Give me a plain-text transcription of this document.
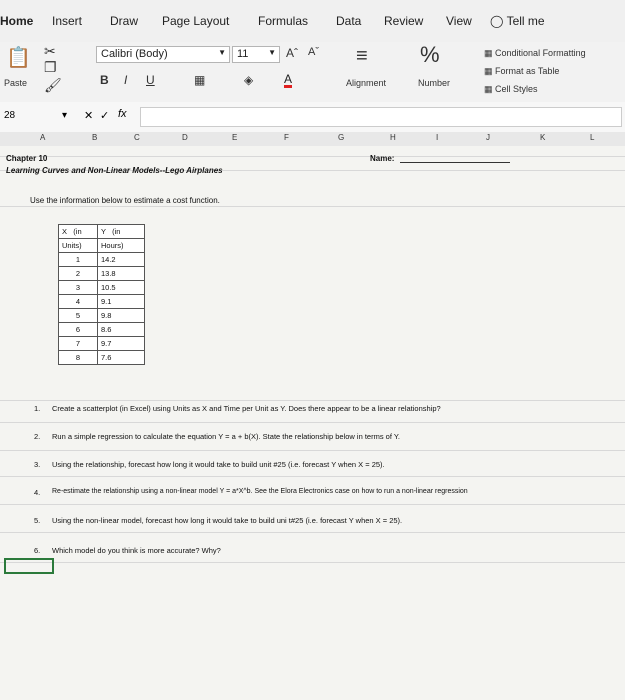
Home Insert Draw Page Layout Formulas Data Review View ◯ Tell me
📋
Paste
✂
❐
🖌
Calibri (Body)	▼	11 ▼ Aˆ Aˇ
B I U	▦	◈	A
≡
Alignment
%
Number
▦ Conditional Formatting
▦ Format as Table
▦ Cell Styles
28	▾ ✕ ✓ fx
A	B	C	D	E	F	G	H	I	J	K	L
Chapter 10
Learning Curves and Non-Linear Models--Lego Airplanes
Name:
Use the information below to estimate a cost function.
X (in	Y (in
Units)	Hours)
1	14.2
2	13.8
3	10.5
4	9.1
5	9.8
6	8.6
7	9.7
8	7.6
1. Create a scatterplot (in Excel) using Units as X and Time per Unit as Y. Does there appear to be a linear relationship?
2. Run a simple regression to calculate the equation Y = a + b(X). State the relationship below in terms of Y.
3. Using the relationship, forecast how long it would take to build unit #25 (i.e. forecast Y when X = 25).
4. Re-estimate the relationship using a non-linear model Y = a*X^b. See the Elora Electronics case on how to run a non-linear regression
5. Using the non-linear model, forecast how long it would take to build uni t#25 (i.e. forecast Y when X = 25).
6. Which model do you think is more accurate? Why?
